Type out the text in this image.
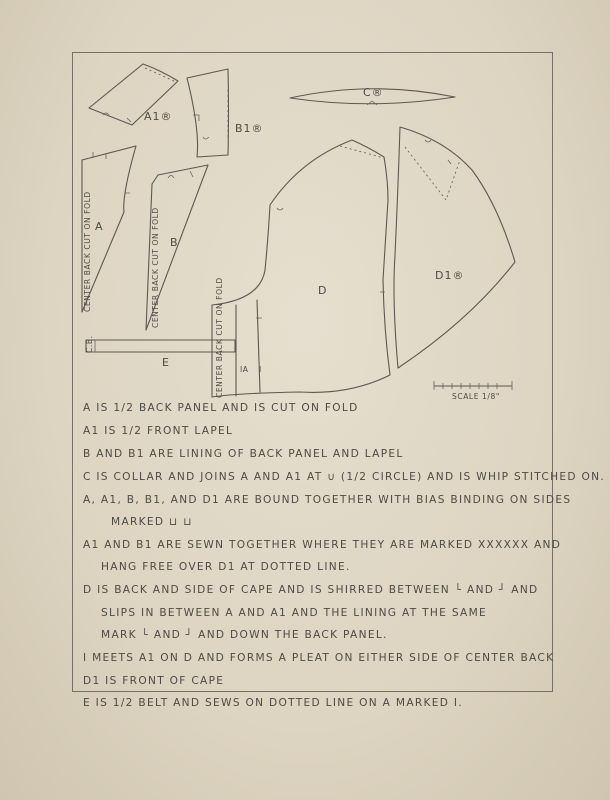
A1®
B1®
C®
A
CENTER BACK CUT ON FOLD	B
CENTER BACK CUT ON FOLD
C.B.
E
D
IA I
CENTER BACK CUT ON FOLD
D1®
SCALE 1/8"
A IS 1/2 BACK PANEL AND IS CUT ON FOLD
A1 IS 1/2 FRONT LAPEL
B AND B1 ARE LINING OF BACK PANEL AND LAPEL
C IS COLLAR AND JOINS A AND A1 AT ∪ (1/2 CIRCLE) AND IS WHIP STITCHED ON.
A, A1, B, B1, AND D1 ARE BOUND TOGETHER WITH BIAS BINDING ON SIDES
MARKED ⊔ ⊔
A1 AND B1 ARE SEWN TOGETHER WHERE THEY ARE MARKED XXXXXX AND
HANG FREE OVER D1 AT DOTTED LINE.
D IS BACK AND SIDE OF CAPE AND IS SHIRRED BETWEEN └ AND ┘ AND
SLIPS IN BETWEEN A AND A1 AND THE LINING AT THE SAME
MARK └ AND ┘ AND DOWN THE BACK PANEL.
I MEETS A1 ON D AND FORMS A PLEAT ON EITHER SIDE OF CENTER BACK
D1 IS FRONT OF CAPE
E IS 1/2 BELT AND SEWS ON DOTTED LINE ON A MARKED I.
